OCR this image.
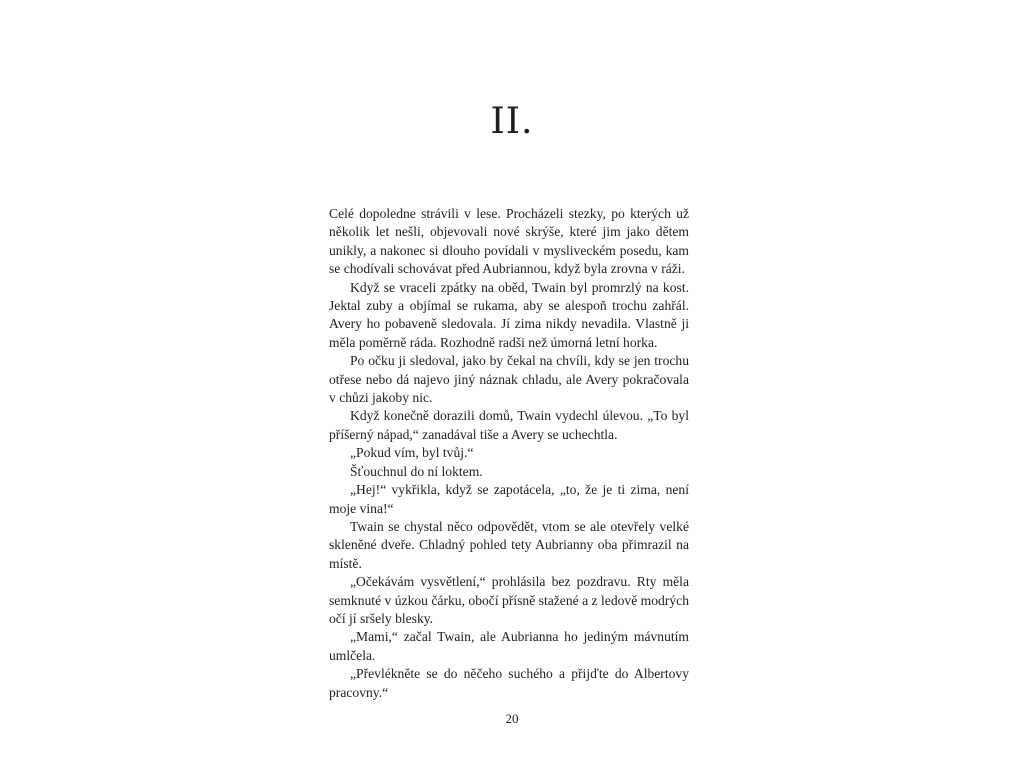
II.

Celé dopoledne strávili v lese. Procházeli stezky, po kterých už několik let nešli, objevovali nové skrýše, které jim jako dětem unikly, a nakonec si dlouho povídali v mysliveckém posedu, kam se chodívali schovávat před Aubriannou, když byla zrovna v ráži.

Když se vraceli zpátky na oběd, Twain byl promrzlý na kost. Jektal zuby a objímal se rukama, aby se alespoň trochu zahřál. Avery ho pobaveně sledovala. Jí zima nikdy nevadila. Vlastně ji měla poměrně ráda. Rozhodně radši než úmorná letní horka.

Po očku ji sledoval, jako by čekal na chvíli, kdy se jen trochu otřese nebo dá najevo jiný náznak chladu, ale Avery pokračovala v chůzi jakoby nic.

Když konečně dorazili domů, Twain vydechl úlevou. „To byl příšerný nápad,“ zanadával tiše a Avery se uchechtla.

„Pokud vím, byl tvůj.“

Šťouchnul do ní loktem.

„Hej!“ vykřikla, když se zapotácela, „to, že je ti zima, není moje vina!“

Twain se chystal něco odpovědět, vtom se ale otevřely velké skleněné dveře. Chladný pohled tety Aubrianny oba přimrazil na místě.

„Očekávám vysvětlení,“ prohlásila bez pozdravu. Rty měla semknuté v úzkou čárku, obočí přísně stažené a z ledově modrých očí jí sršely blesky.

„Mami,“ začal Twain, ale Aubrianna ho jediným mávnutím umlčela.

„Převlékněte se do něčeho suchého a přijďte do Albertovy pracovny.“

20
